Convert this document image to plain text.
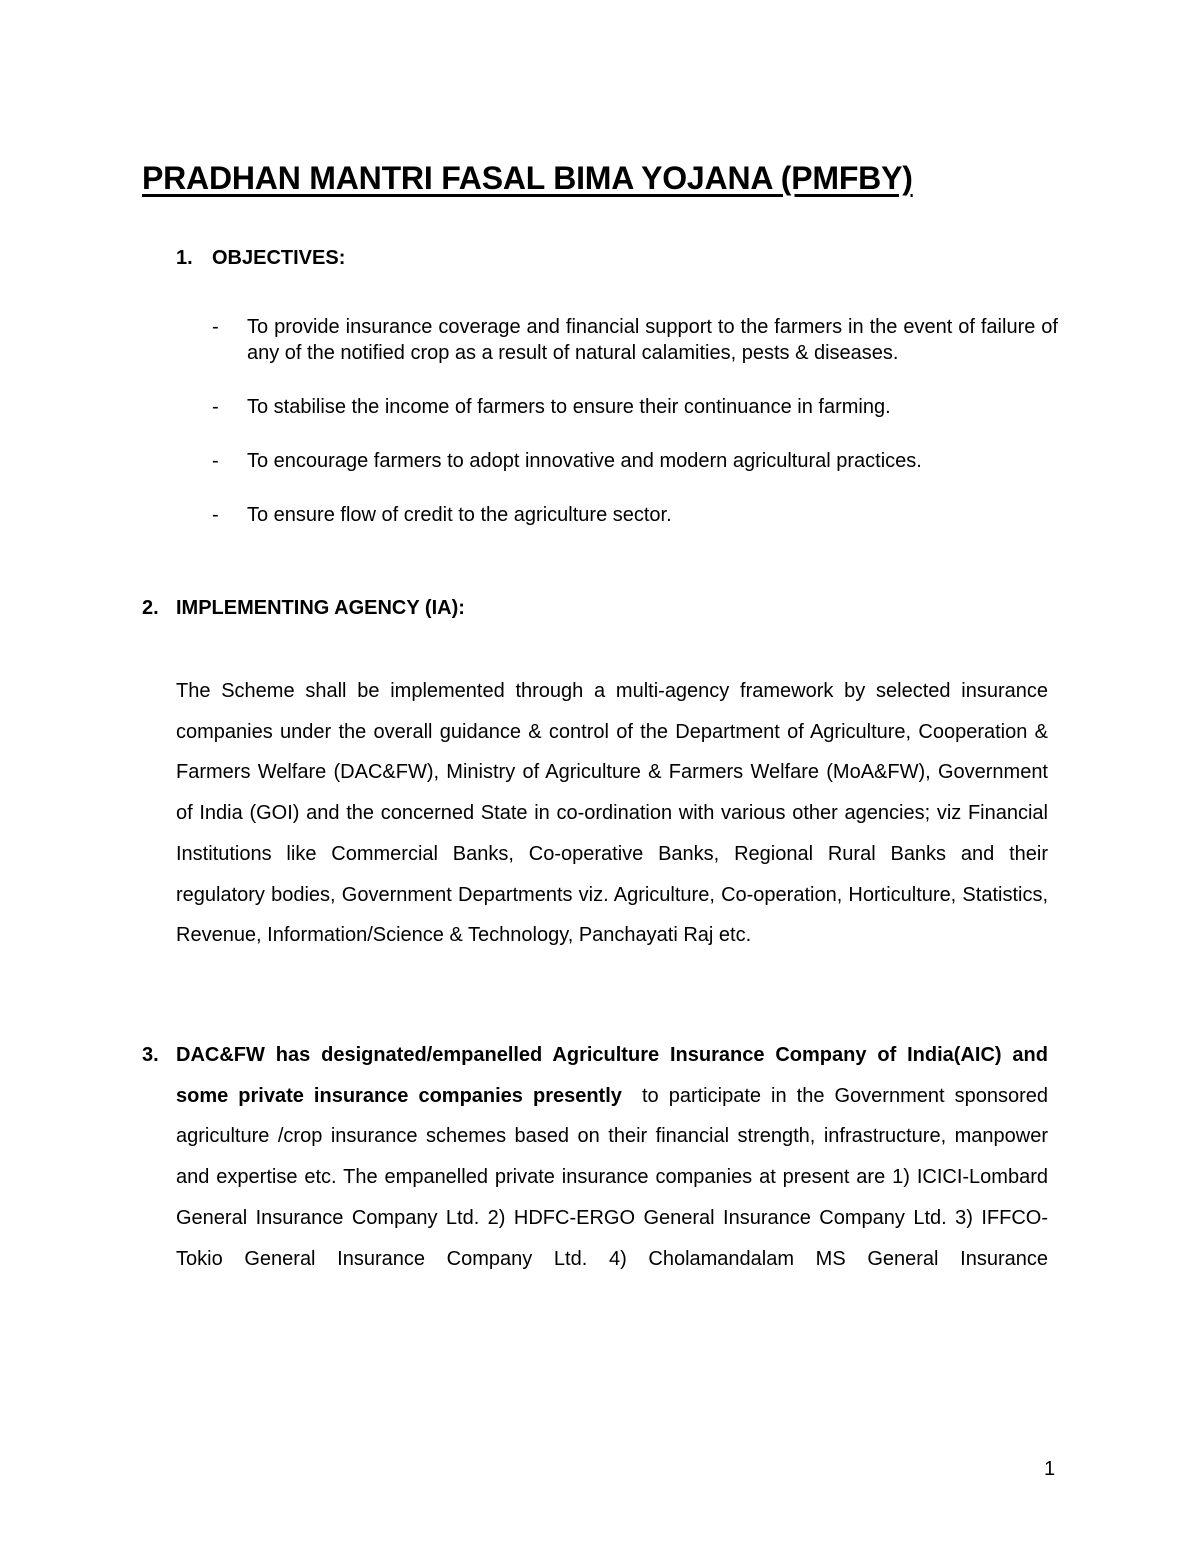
PRADHAN MANTRI FASAL BIMA YOJANA (PMFBY)
1. OBJECTIVES:
- To provide insurance coverage and financial support to the farmers in the event of failure of any of the notified crop as a result of natural calamities, pests & diseases.
- To stabilise the income of farmers to ensure their continuance in farming.
- To encourage farmers to adopt innovative and modern agricultural practices.
- To ensure flow of credit to the agriculture sector.
2. IMPLEMENTING AGENCY (IA):

The Scheme shall be implemented through a multi-agency framework by selected insurance companies under the overall guidance & control of the Department of Agriculture, Cooperation & Farmers Welfare (DAC&FW), Ministry of Agriculture & Farmers Welfare (MoA&FW), Government of India (GOI) and the concerned State in co-ordination with various other agencies; viz Financial Institutions like Commercial Banks, Co-operative Banks, Regional Rural Banks and their regulatory bodies, Government Departments viz. Agriculture, Co-operation, Horticulture, Statistics, Revenue, Information/Science & Technology, Panchayati Raj etc.

3. DAC&FW has designated/empanelled Agriculture Insurance Company of India(AIC) and some private insurance companies presently to participate in the Government sponsored agriculture /crop insurance schemes based on their financial strength, infrastructure, manpower and expertise etc. The empanelled private insurance companies at present are 1) ICICI-Lombard General Insurance Company Ltd. 2) HDFC-ERGO General Insurance Company Ltd. 3) IFFCO-Tokio General Insurance Company Ltd. 4) Cholamandalam MS General Insurance

1
